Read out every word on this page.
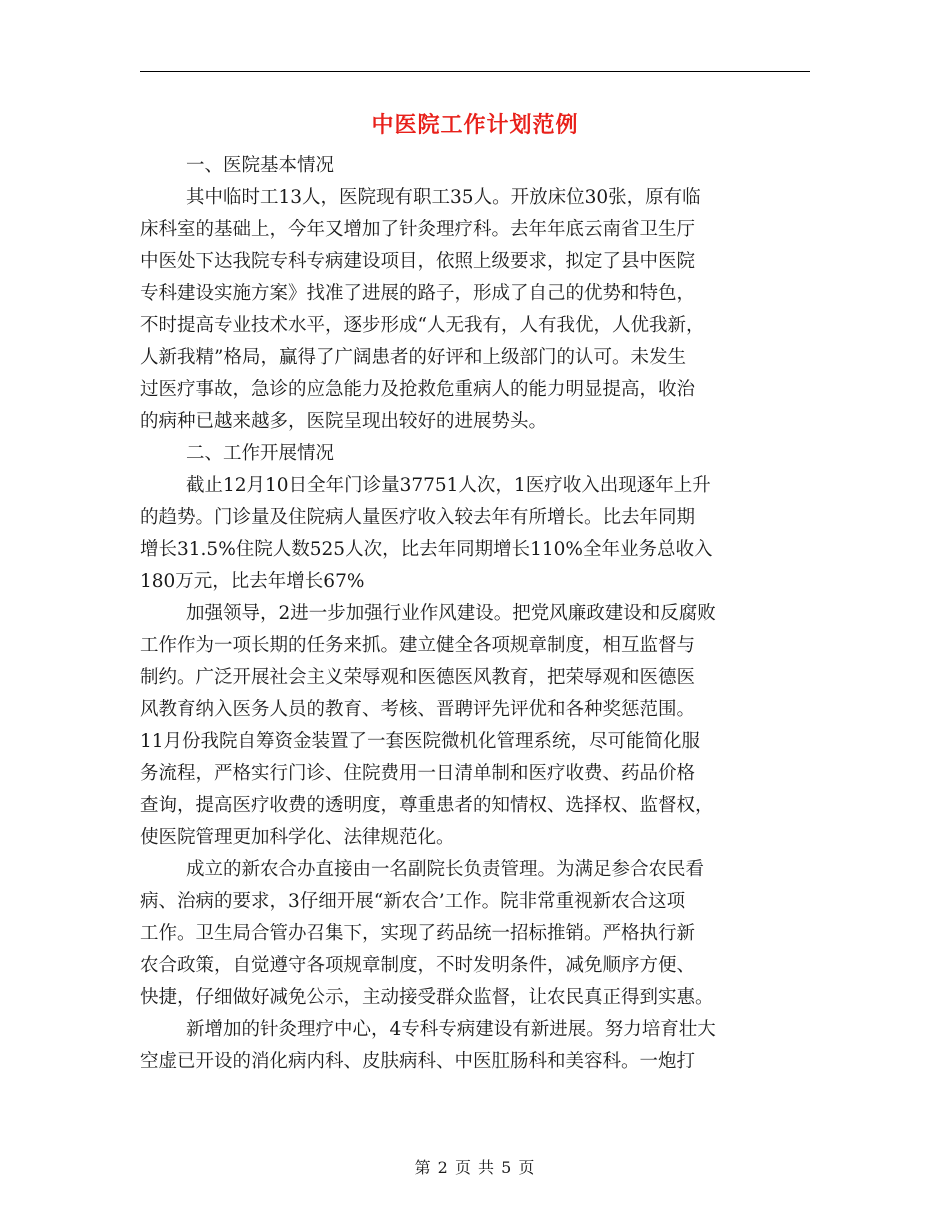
中医院工作计划范例
一、医院基本情况
其中临时工13人，医院现有职工35人。开放床位30张，原有临
床科室的基础上，今年又增加了针灸理疗科。去年年底云南省卫生厅
中医处下达我院专科专病建设项目，依照上级要求，拟定了县中医院
专科建设实施方案》找准了进展的路子，形成了自己的优势和特色，
不时提高专业技术水平，逐步形成“人无我有，人有我优，人优我新，
人新我精”格局，赢得了广阔患者的好评和上级部门的认可。未发生
过医疗事故，急诊的应急能力及抢救危重病人的能力明显提高，收治
的病种已越来越多，医院呈现出较好的进展势头。
二、工作开展情况
截止12月10日全年门诊量37751人次，1医疗收入出现逐年上升
的趋势。门诊量及住院病人量医疗收入较去年有所增长。比去年同期
增长31.5%住院人数525人次，比去年同期增长110%全年业务总收入
180万元，比去年增长67%
加强领导，2进一步加强行业作风建设。把党风廉政建设和反腐败
工作作为一项长期的任务来抓。建立健全各项规章制度，相互监督与
制约。广泛开展社会主义荣辱观和医德医风教育，把荣辱观和医德医
风教育纳入医务人员的教育、考核、晋聘评先评优和各种奖惩范围。
11月份我院自筹资金装置了一套医院微机化管理系统，尽可能简化服
务流程，严格实行门诊、住院费用一日清单制和医疗收费、药品价格
查询，提高医疗收费的透明度，尊重患者的知情权、选择权、监督权，
使医院管理更加科学化、法律规范化。
成立的新农合办直接由一名副院长负责管理。为满足参合农民看
病、治病的要求，3仔细开展“新农合’工作。院非常重视新农合这项
工作。卫生局合管办召集下，实现了药品统一招标推销。严格执行新
农合政策，自觉遵守各项规章制度，不时发明条件，减免顺序方便、
快捷，仔细做好减免公示，主动接受群众监督，让农民真正得到实惠。
新增加的针灸理疗中心，4专科专病建设有新进展。努力培育壮大
空虚已开设的消化病内科、皮肤病科、中医肛肠科和美容科。一炮打
第 2 页 共 5 页
